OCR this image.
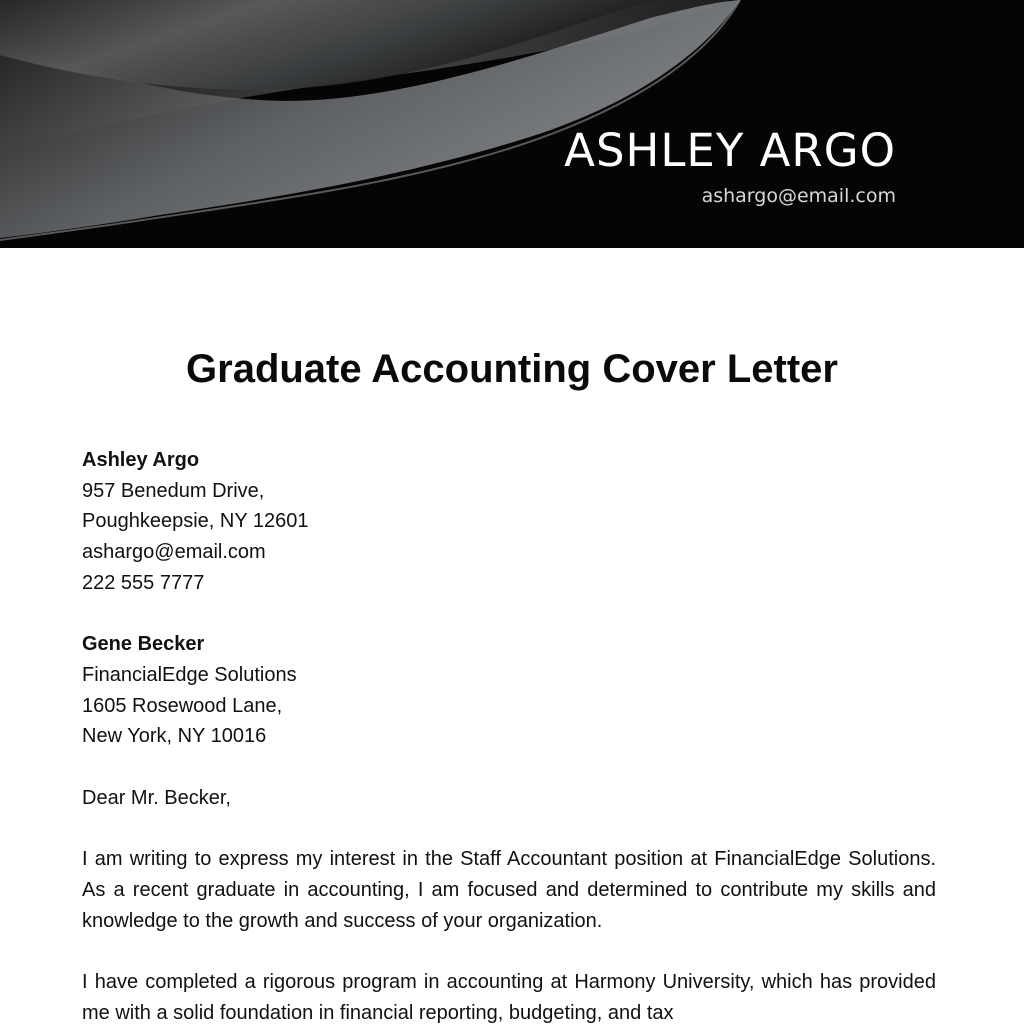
ASHLEY ARGO
ashargo@email.com
Graduate Accounting Cover Letter
Ashley Argo
957 Benedum Drive,
Poughkeepsie, NY 12601
ashargo@email.com
222 555 7777
Gene Becker
FinancialEdge Solutions
1605 Rosewood Lane,
New York, NY 10016

Dear Mr. Becker,

I am writing to express my interest in the Staff Accountant position at FinancialEdge Solutions. As a recent graduate in accounting, I am focused and determined to contribute my skills and knowledge to the growth and success of your organization.

I have completed a rigorous program in accounting at Harmony University, which has provided me with a solid foundation in financial reporting, budgeting, and tax
